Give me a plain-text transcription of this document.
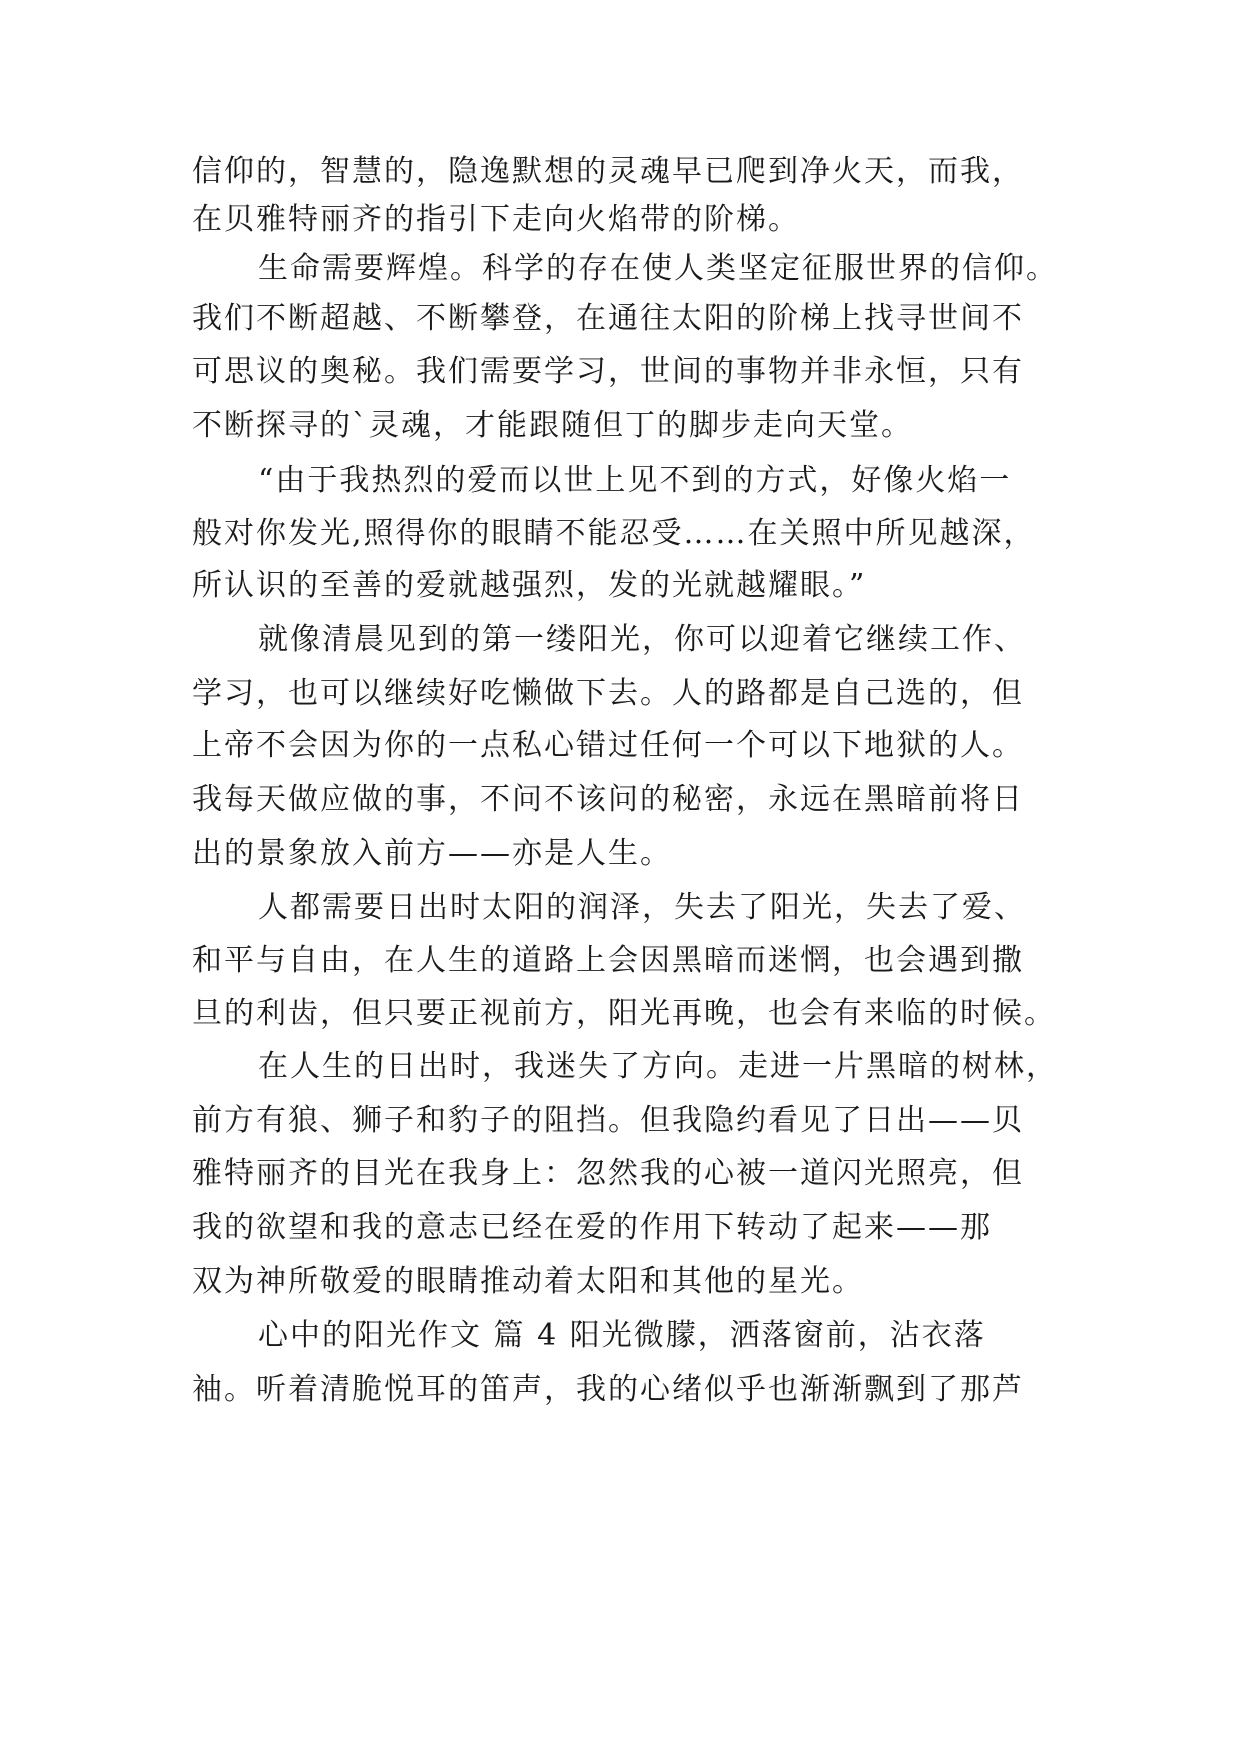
信仰的，智慧的，隐逸默想的灵魂早已爬到净火天，而我，
在贝雅特丽齐的指引下走向火焰带的阶梯。
生命需要辉煌。科学的存在使人类坚定征服世界的信仰。
我们不断超越、不断攀登，在通往太阳的阶梯上找寻世间不
可思议的奥秘。我们需要学习，世间的事物并非永恒，只有
不断探寻的`灵魂，才能跟随但丁的脚步走向天堂。
“由于我热烈的爱而以世上见不到的方式，好像火焰一
般对你发光,照得你的眼睛不能忍受……在关照中所见越深，
所认识的至善的爱就越强烈，发的光就越耀眼。”
就像清晨见到的第一缕阳光，你可以迎着它继续工作、
学习，也可以继续好吃懒做下去。人的路都是自己选的，但
上帝不会因为你的一点私心错过任何一个可以下地狱的人。
我每天做应做的事，不问不该问的秘密，永远在黑暗前将日
出的景象放入前方——亦是人生。
人都需要日出时太阳的润泽，失去了阳光，失去了爱、
和平与自由，在人生的道路上会因黑暗而迷惘，也会遇到撒
旦的利齿，但只要正视前方，阳光再晚，也会有来临的时候。
在人生的日出时，我迷失了方向。走进一片黑暗的树林，
前方有狼、狮子和豹子的阻挡。但我隐约看见了日出——贝
雅特丽齐的目光在我身上：忽然我的心被一道闪光照亮，但
我的欲望和我的意志已经在爱的作用下转动了起来——那
双为神所敬爱的眼睛推动着太阳和其他的星光。
心中的阳光作文 篇 4 阳光微朦，洒落窗前，沾衣落
袖。听着清脆悦耳的笛声，我的心绪似乎也渐渐飘到了那芦
